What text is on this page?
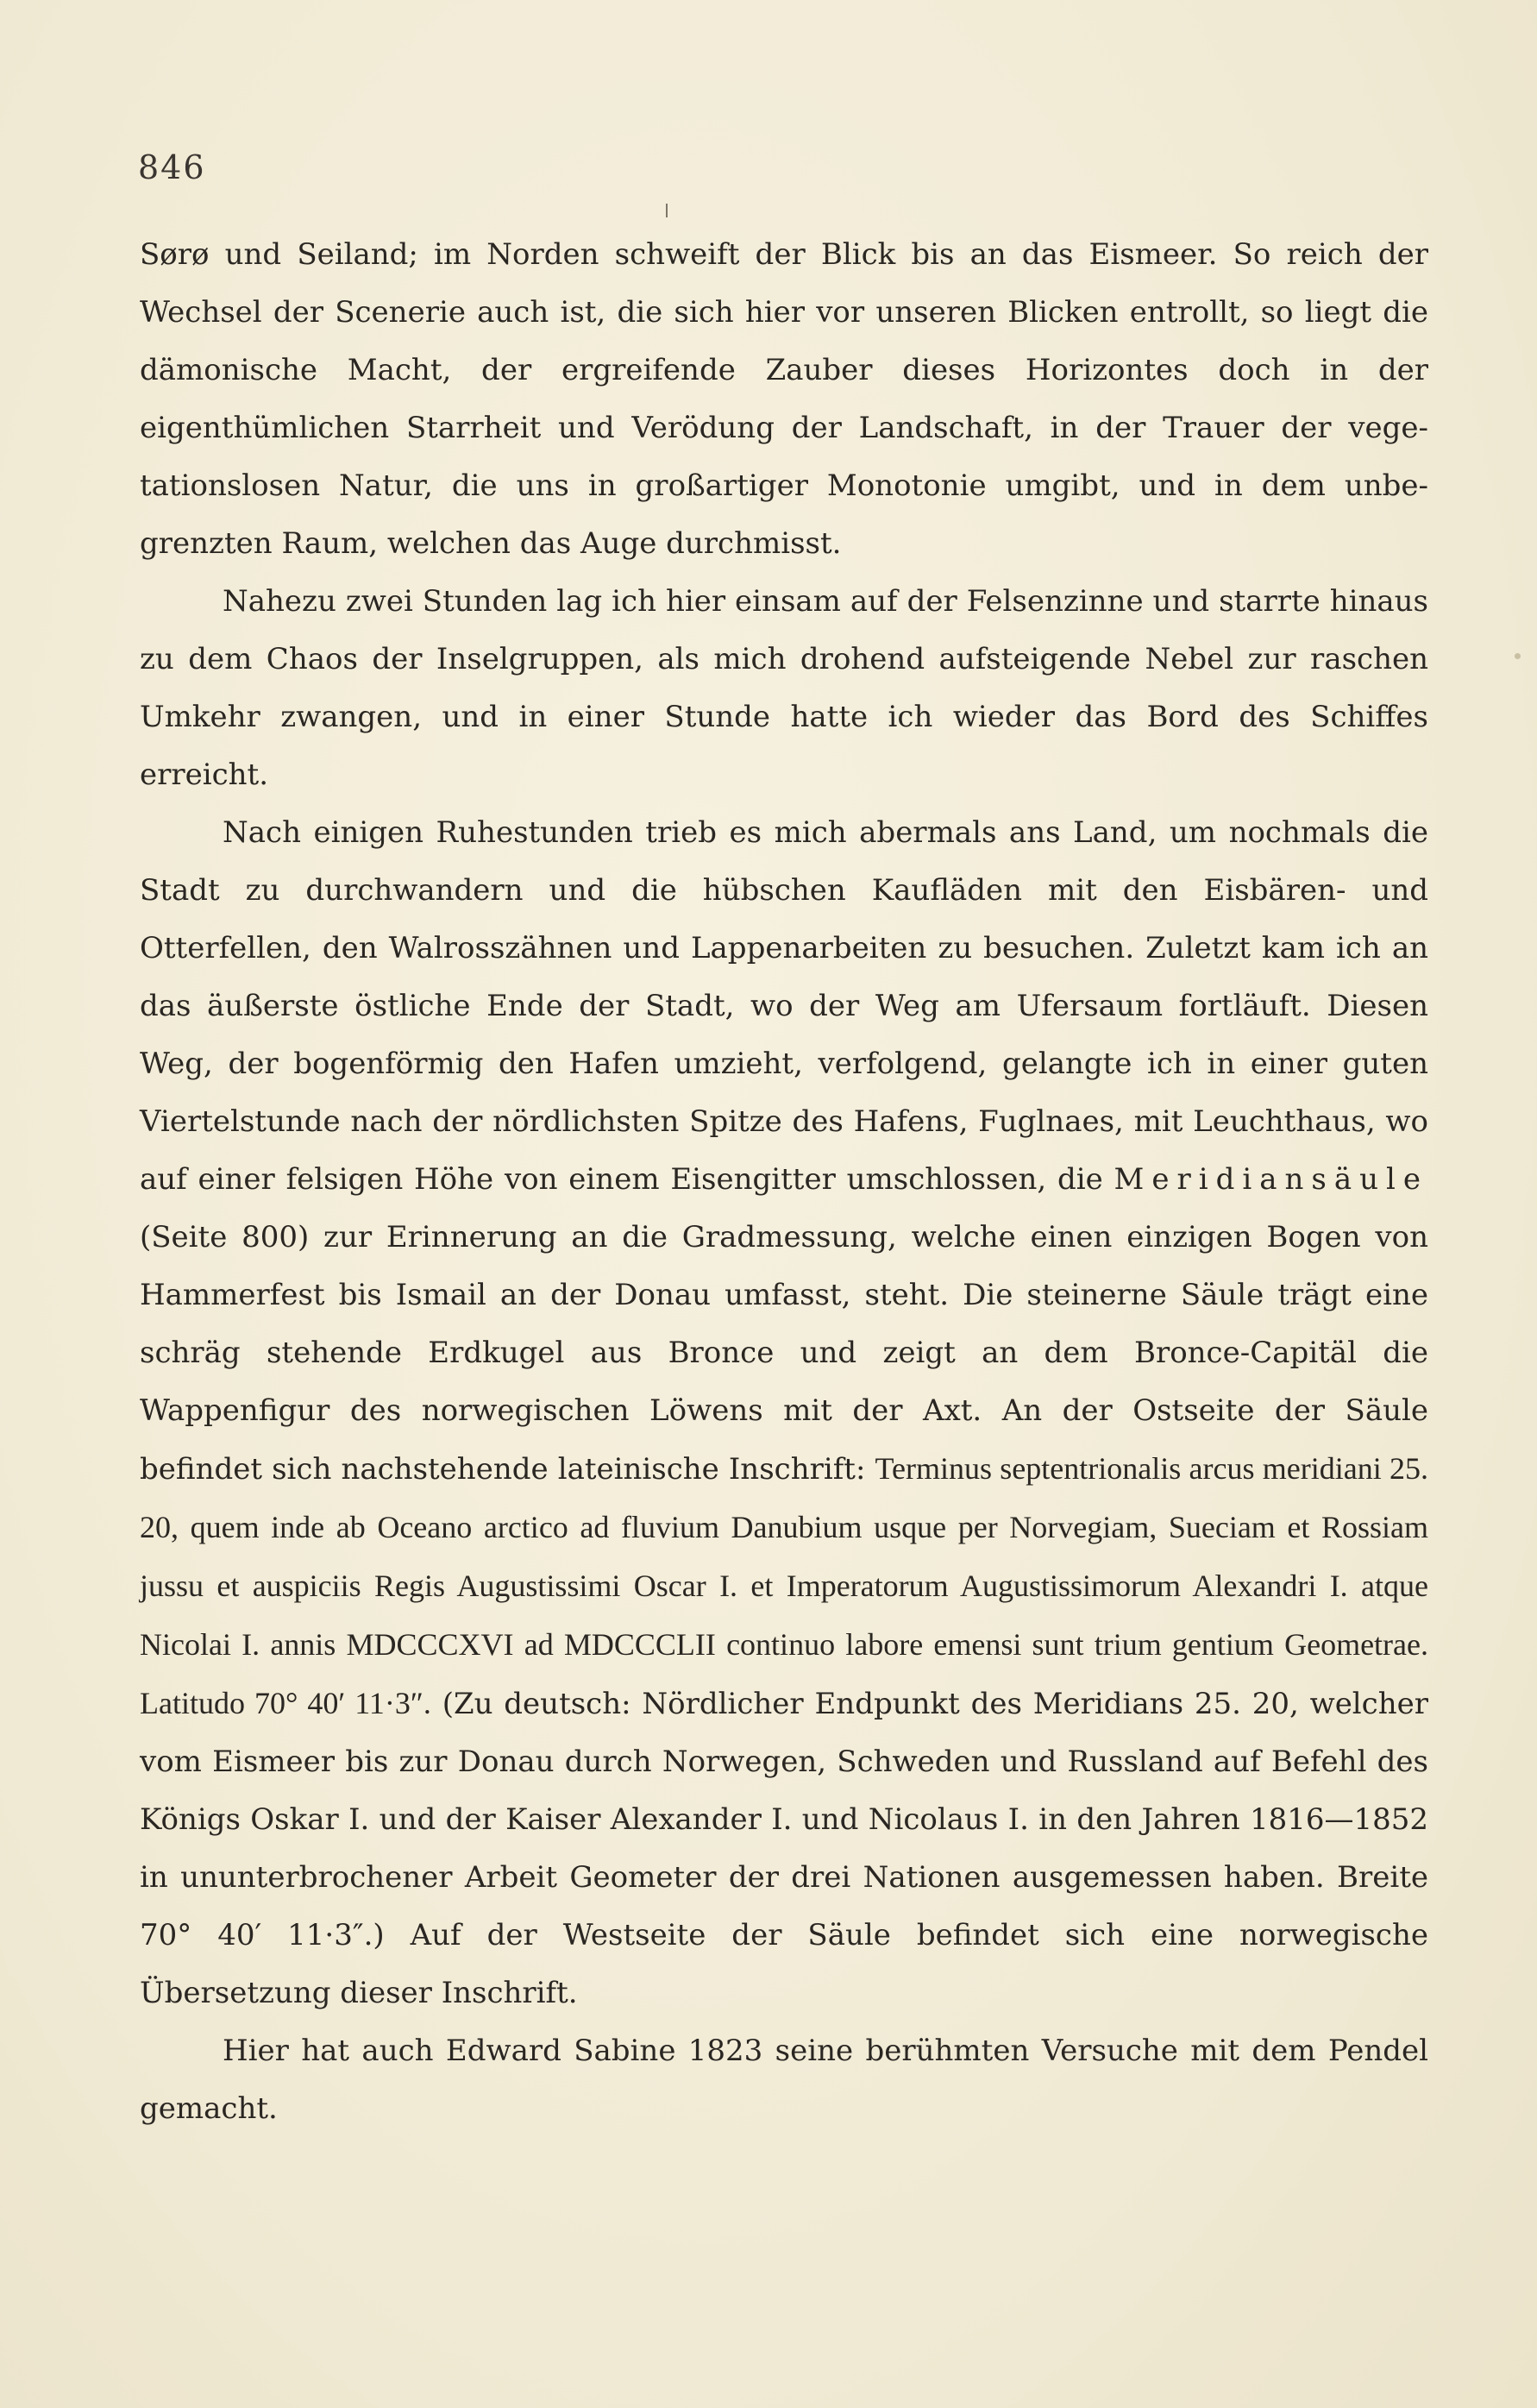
846

Sørø und Seiland; im Norden schweift der Blick bis an das Eismeer. So reich der Wechsel der Scenerie auch ist, die sich hier vor unseren Blicken entrollt, so liegt die dämonische Macht, der ergreifende Zauber dieses Horizontes doch in der eigenthümlichen Starrheit und Verödung der Landschaft, in der Trauer der vegetationslosen Natur, die uns in großartiger Monotonie umgibt, und in dem unbegrenzten Raum, welchen das Auge durchmisst.

Nahezu zwei Stunden lag ich hier einsam auf der Felsenzinne und starrte hinaus zu dem Chaos der Inselgruppen, als mich drohend aufsteigende Nebel zur raschen Umkehr zwangen, und in einer Stunde hatte ich wieder das Bord des Schiffes erreicht.

Nach einigen Ruhestunden trieb es mich abermals ans Land, um nochmals die Stadt zu durchwandern und die hübschen Kaufläden mit den Eisbären- und Otterfellen, den Walrosszähnen und Lappenarbeiten zu besuchen. Zuletzt kam ich an das äußerste östliche Ende der Stadt, wo der Weg am Ufersaum fortläuft. Diesen Weg, der bogenförmig den Hafen umzieht, verfolgend, gelangte ich in einer guten Viertelstunde nach der nördlichsten Spitze des Hafens, Fuglnaes, mit Leuchthaus, wo auf einer felsigen Höhe von einem Eisengitter umschlossen, die Meridiansäule (Seite 800) zur Erinnerung an die Gradmessung, welche einen einzigen Bogen von Hammerfest bis Ismail an der Donau umfasst, steht. Die steinerne Säule trägt eine schräg stehende Erdkugel aus Bronce und zeigt an dem Bronce-Capitäl die Wappenfigur des norwegischen Löwens mit der Axt. An der Ostseite der Säule befindet sich nachstehende lateinische Inschrift: Terminus septentrionalis arcus meridiani 25. 20, quem inde ab Oceano arctico ad fluvium Danubium usque per Norvegiam, Sueciam et Rossiam jussu et auspiciis Regis Augustissimi Oscar I. et Imperatorum Augustissimorum Alexandri I. atque Nicolai I. annis MDCCCXVI ad MDCCCLII continuo labore emensi sunt trium gentium Geometrae. Latitudo 70° 40′ 11·3″. (Zu deutsch: Nördlicher Endpunkt des Meridians 25. 20, welcher vom Eismeer bis zur Donau durch Norwegen, Schweden und Russland auf Befehl des Königs Oskar I. und der Kaiser Alexander I. und Nicolaus I. in den Jahren 1816—1852 in ununterbrochener Arbeit Geometer der drei Nationen ausgemessen haben. Breite 70° 40′ 11·3″.) Auf der Westseite der Säule befindet sich eine norwegische Übersetzung dieser Inschrift.

Hier hat auch Edward Sabine 1823 seine berühmten Versuche mit dem Pendel gemacht.
